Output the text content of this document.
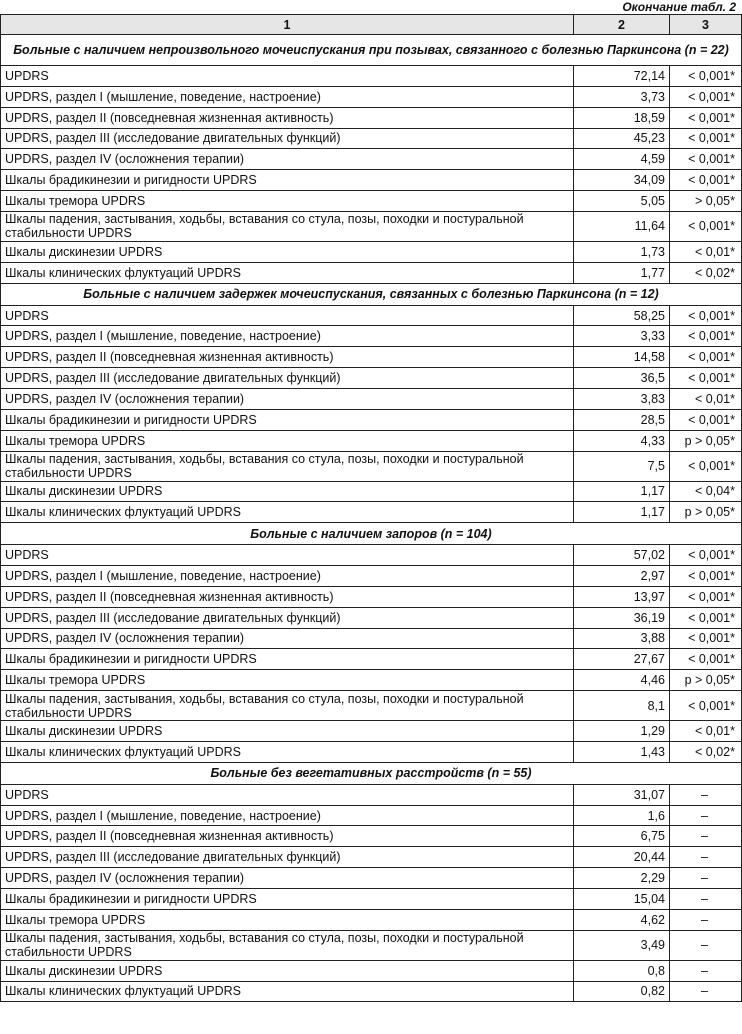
Окончание табл. 2
1	2	3
Больные с наличием непроизвольного мочеиспускания при позывах, связанного с болезнью Паркинсона (n = 22)		
UPDRS	72,14	< 0,001*
UPDRS, раздел I (мышление, поведение, настроение)	3,73	< 0,001*
UPDRS, раздел II (повседневная жизненная активность)	18,59	< 0,001*
UPDRS, раздел III (исследование двигательных функций)	45,23	< 0,001*
UPDRS, раздел IV (осложнения терапии)	4,59	< 0,001*
Шкалы брадикинезии и ригидности UPDRS	34,09	< 0,001*
Шкалы тремора UPDRS	5,05	> 0,05*
Шкалы падения, застывания, ходьбы, вставания со стула, позы, походки и постуральной стабильности UPDRS	11,64	< 0,001*
Шкалы дискинезии UPDRS	1,73	< 0,01*
Шкалы клинических флуктуаций UPDRS	1,77	< 0,02*
Больные с наличием задержек мочеиспускания, связанных с болезнью Паркинсона (n = 12)		
UPDRS	58,25	< 0,001*
UPDRS, раздел I (мышление, поведение, настроение)	3,33	< 0,001*
UPDRS, раздел II (повседневная жизненная активность)	14,58	< 0,001*
UPDRS, раздел III (исследование двигательных функций)	36,5	< 0,001*
UPDRS, раздел IV (осложнения терапии)	3,83	< 0,01*
Шкалы брадикинезии и ригидности UPDRS	28,5	< 0,001*
Шкалы тремора UPDRS	4,33	p > 0,05*
Шкалы падения, застывания, ходьбы, вставания со стула, позы, походки и постуральной стабильности UPDRS	7,5	< 0,001*
Шкалы дискинезии UPDRS	1,17	< 0,04*
Шкалы клинических флуктуаций UPDRS	1,17	p > 0,05*
Больные с наличием запоров (n = 104)		
UPDRS	57,02	< 0,001*
UPDRS, раздел I (мышление, поведение, настроение)	2,97	< 0,001*
UPDRS, раздел II (повседневная жизненная активность)	13,97	< 0,001*
UPDRS, раздел III (исследование двигательных функций)	36,19	< 0,001*
UPDRS, раздел IV (осложнения терапии)	3,88	< 0,001*
Шкалы брадикинезии и ригидности UPDRS	27,67	< 0,001*
Шкалы тремора UPDRS	4,46	p > 0,05*
Шкалы падения, застывания, ходьбы, вставания со стула, позы, походки и постуральной стабильности UPDRS	8,1	< 0,001*
Шкалы дискинезии UPDRS	1,29	< 0,01*
Шкалы клинических флуктуаций UPDRS	1,43	< 0,02*
Больные без вегетативных расстройств (n = 55)		
UPDRS	31,07	–
UPDRS, раздел I (мышление, поведение, настроение)	1,6	–
UPDRS, раздел II (повседневная жизненная активность)	6,75	–
UPDRS, раздел III (исследование двигательных функций)	20,44	–
UPDRS, раздел IV (осложнения терапии)	2,29	–
Шкалы брадикинезии и ригидности UPDRS	15,04	–
Шкалы тремора UPDRS	4,62	–
Шкалы падения, застывания, ходьбы, вставания со стула, позы, походки и постуральной стабильности UPDRS	3,49	–
Шкалы дискинезии UPDRS	0,8	–
Шкалы клинических флуктуаций UPDRS	0,82	–
